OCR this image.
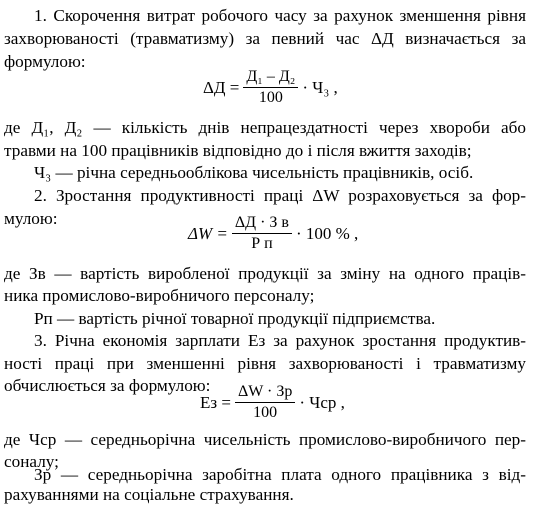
1. Скорочення витрат робочого часу за рахунок зменшення рівня
захворюваності (травматизму) за певний час ΔД визначається за
формулою:
$\Delta Д = \frac{\text{Д₁ – Д₂}}{100} \cdot Ч_3$ ,
де Д₁, Д₂ — кількість днів непрацездатності через хвороби або
травми на 100 працівників відповідно до і після вжиття заходів;
Ч₃ — річна середньооблікова чисельність працівників, осіб.
2. Зростання продуктивності праці ΔW розраховується за фор-
мулою:
$\Delta W = \frac{\text{ΔД · З в}}{\text{Р п}} \cdot 100$ % ,
де Зв — вартість виробленої продукції за зміну на одного праців-
ника промислово-виробничого персоналу;
Рп — вартість річної товарної продукції підприємства.
3. Річна економія зарплати Ез за рахунок зростання продуктив-
ності праці при зменшенні рівня захворюваності і травматизму
обчислюється за формулою:
Ез = $\frac{\Delta W \cdot Зр}{100}$ · Чср ,
де Чср — середньорічна чисельність промислово-виробничого пер-
соналу;
Зр — середньорічна заробітна плата одного працівника з від-
рахуваннями на соціальне страхування.
